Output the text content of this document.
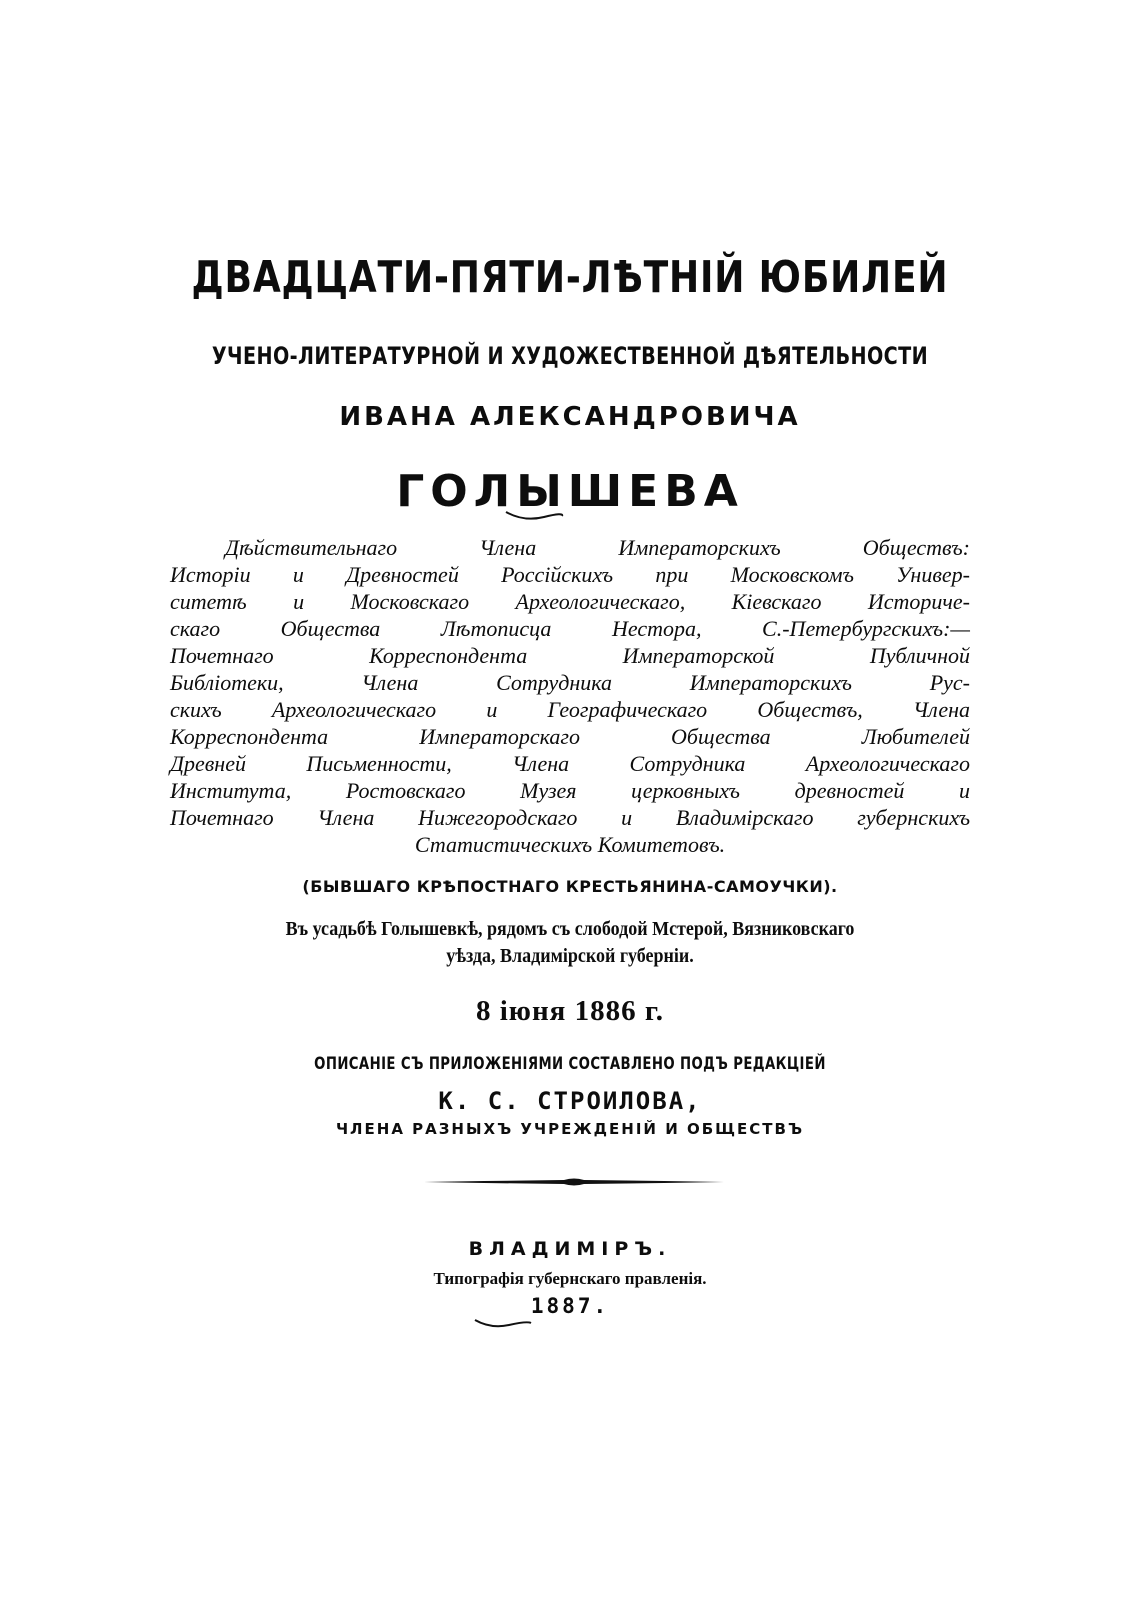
ДВАДЦАТИ-ПЯТИ-ЛѢТНІЙ ЮБИЛЕЙ
УЧЕНО-ЛИТЕРАТУРНОЙ И ХУДОЖЕСТВЕННОЙ ДѢЯТЕЛЬНОСТИ
ИВАНА АЛЕКСАНДРОВИЧА
ГОЛЫШЕВА
Дѣйствительнаго Члена Императорскихъ Обществъ:
Исторіи и Древностей Россійскихъ при Московскомъ Универ-
ситетѣ и Московскаго Археологическаго, Кіевскаго Историче-
скаго Общества Лѣтописца Нестора, С.-Петербургскихъ:—
Почетнаго Корреспондента Императорской Публичной
Библіотеки, Члена Сотрудника Императорскихъ Рус-
скихъ Археологическаго и Географическаго Обществъ, Члена
Корреспондента Императорскаго Общества Любителей
Древней Письменности, Члена Сотрудника Археологическаго
Института, Ростовскаго Музея церковныхъ древностей и
Почетнаго Члена Нижегородскаго и Владимірскаго губернскихъ
Статистическихъ Комитетовъ.
(БЫВШАГО КРѢПОСТНАГО КРЕСТЬЯНИНА-САМОУЧКИ).
Въ усадьбѣ Голышевкѣ, рядомъ съ слободой Мстерой, Вязниковскаго
уѣзда, Владимірской губерніи.
8 іюня 1886 г.
ОПИСАНІЕ СЪ ПРИЛОЖЕНІЯМИ СОСТАВЛЕНО ПОДЪ РЕДАКЦІЕЙ
К. С. СТРОИЛОВА,
ЧЛЕНА РАЗНЫХЪ УЧРЕЖДЕНІЙ И ОБЩЕСТВЪ
ВЛАДИМІРЪ.
Типографія губернскаго правленія.
1887.
